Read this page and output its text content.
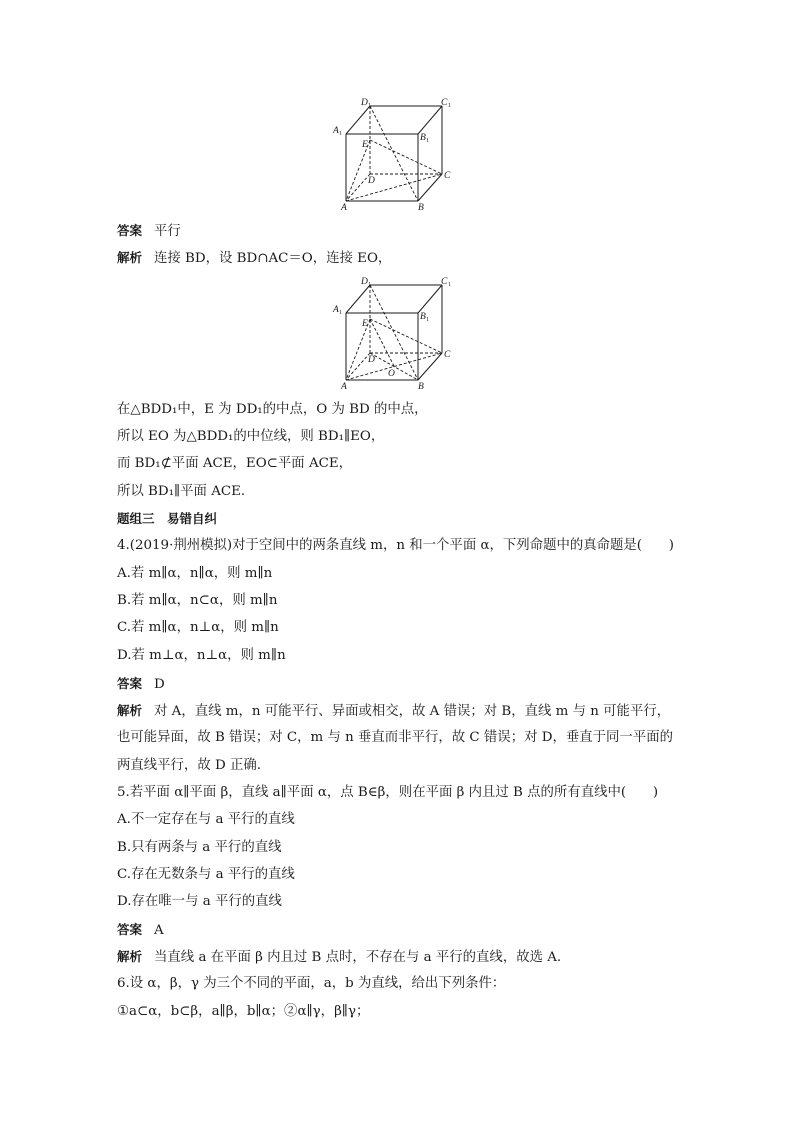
D 1	C 1
A 1	B 1
E
D	C
A	B
答案 平行
解析 连接 BD，设 BD∩AC＝O，连接 EO，
D 1	C 1
A 1	B 1
E
D	C
A
O
B
在△BDD₁中，E 为 DD₁的中点，O 为 BD 的中点，
所以 EO 为△BDD₁的中位线，则 BD₁∥EO，
而 BD₁⊄平面 ACE，EO⊂平面 ACE，
所以 BD₁∥平面 ACE.
题组三　易错自纠
4.(2019·荆州模拟)对于空间中的两条直线 m，n 和一个平面 α，下列命题中的真命题是(　　)
A.若 m∥α，n∥α，则 m∥n
B.若 m∥α，n⊂α，则 m∥n
C.若 m∥α，n⊥α，则 m∥n
D.若 m⊥α，n⊥α，则 m∥n
答案 D
解析 对 A，直线 m，n 可能平行、异面或相交，故 A 错误；对 B，直线 m 与 n 可能平行，
也可能异面，故 B 错误；对 C，m 与 n 垂直而非平行，故 C 错误；对 D，垂直于同一平面的
两直线平行，故 D 正确.
5.若平面 α∥平面 β，直线 a∥平面 α，点 B∈β，则在平面 β 内且过 B 点的所有直线中(　　)
A.不一定存在与 a 平行的直线
B.只有两条与 a 平行的直线
C.存在无数条与 a 平行的直线
D.存在唯一与 a 平行的直线
答案 A
解析 当直线 a 在平面 β 内且过 B 点时，不存在与 a 平行的直线，故选 A.
6.设 α，β，γ 为三个不同的平面，a，b 为直线，给出下列条件：
①a⊂α，b⊂β，a∥β，b∥α；②α∥γ，β∥γ；
